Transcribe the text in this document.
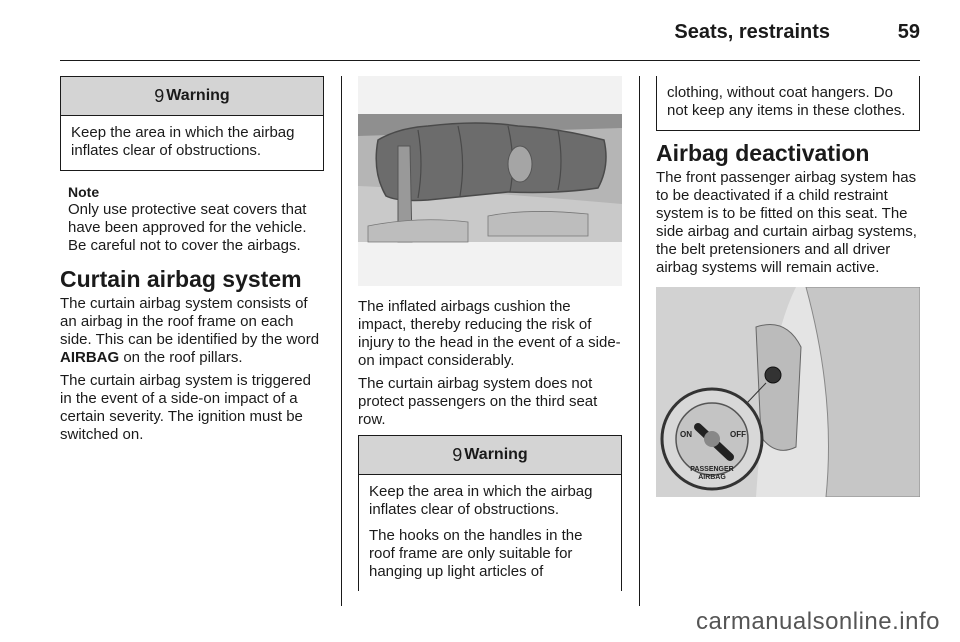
Seats, restraints	59
9 Warning

Keep the area in which the airbag inflates clear of obstructions.

Note
Only use protective seat covers that have been approved for the vehicle. Be careful not to cover the airbags.
Curtain airbag system

The curtain airbag system consists of an airbag in the roof frame on each side. This can be identified by the word AIRBAG on the roof pillars.

The curtain airbag system is triggered in the event of a side-on impact of a certain severity. The ignition must be switched on.

The inflated airbags cushion the impact, thereby reducing the risk of injury to the head in the event of a side-on impact considerably.

The curtain airbag system does not protect passengers on the third seat row.

9 Warning

Keep the area in which the airbag inflates clear of obstructions.

The hooks on the handles in the roof frame are only suitable for hanging up light articles of

clothing, without coat hangers. Do not keep any items in these clothes.
Airbag deactivation

The front passenger airbag system has to be deactivated if a child restraint system is to be fitted on this seat. The side airbag and curtain airbag systems, the belt pretensioners and all driver airbag systems will remain active.

ON	OFF
PASSENGER
AIRBAG
carmanualsonline.info
